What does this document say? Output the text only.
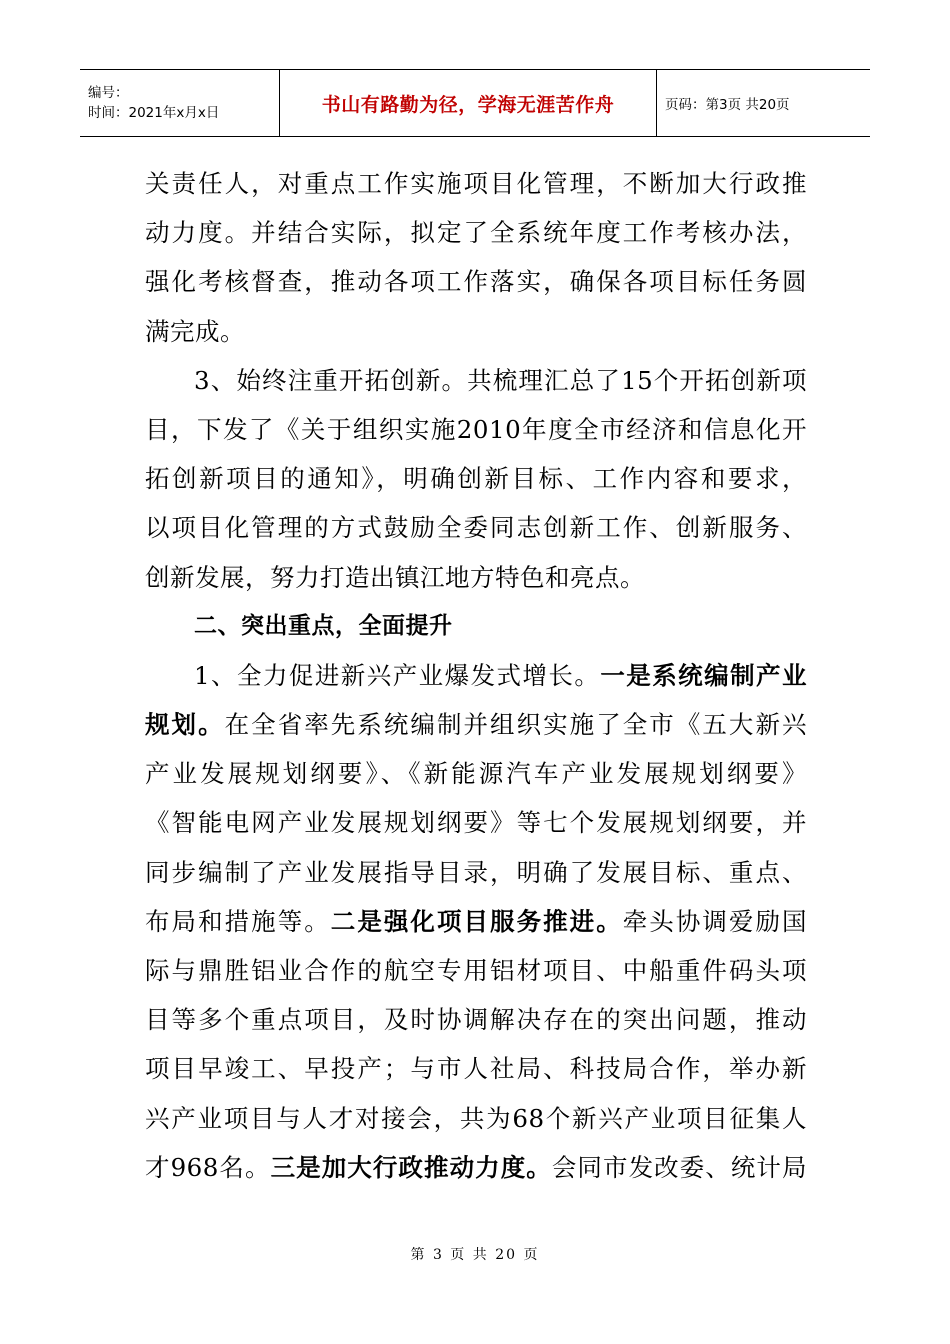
编号：
时间：2021年x月x日	书山有路勤为径，学海无涯苦作舟	页码：第3页 共20页
关责任人，对重点工作实施项目化管理，不断加大行政推
动力度。并结合实际，拟定了全系统年度工作考核办法，
强化考核督查，推动各项工作落实，确保各项目标任务圆
满完成。
3、始终注重开拓创新。共梳理汇总了15个开拓创新项
目，下发了《关于组织实施2010年度全市经济和信息化开
拓创新项目的通知》，明确创新目标、工作内容和要求，
以项目化管理的方式鼓励全委同志创新工作、创新服务、
创新发展，努力打造出镇江地方特色和亮点。
二、突出重点，全面提升
1、全力促进新兴产业爆发式增长。一是系统编制产业
规划。在全省率先系统编制并组织实施了全市《五大新兴
产业发展规划纲要》、《新能源汽车产业发展规划纲要》
《智能电网产业发展规划纲要》等七个发展规划纲要，并
同步编制了产业发展指导目录，明确了发展目标、重点、
布局和措施等。二是强化项目服务推进。牵头协调爱励国
际与鼎胜铝业合作的航空专用铝材项目、中船重件码头项
目等多个重点项目，及时协调解决存在的突出问题，推动
项目早竣工、早投产；与市人社局、科技局合作，举办新
兴产业项目与人才对接会，共为68个新兴产业项目征集人
才968名。三是加大行政推动力度。会同市发改委、统计局
第 3 页 共 20 页
